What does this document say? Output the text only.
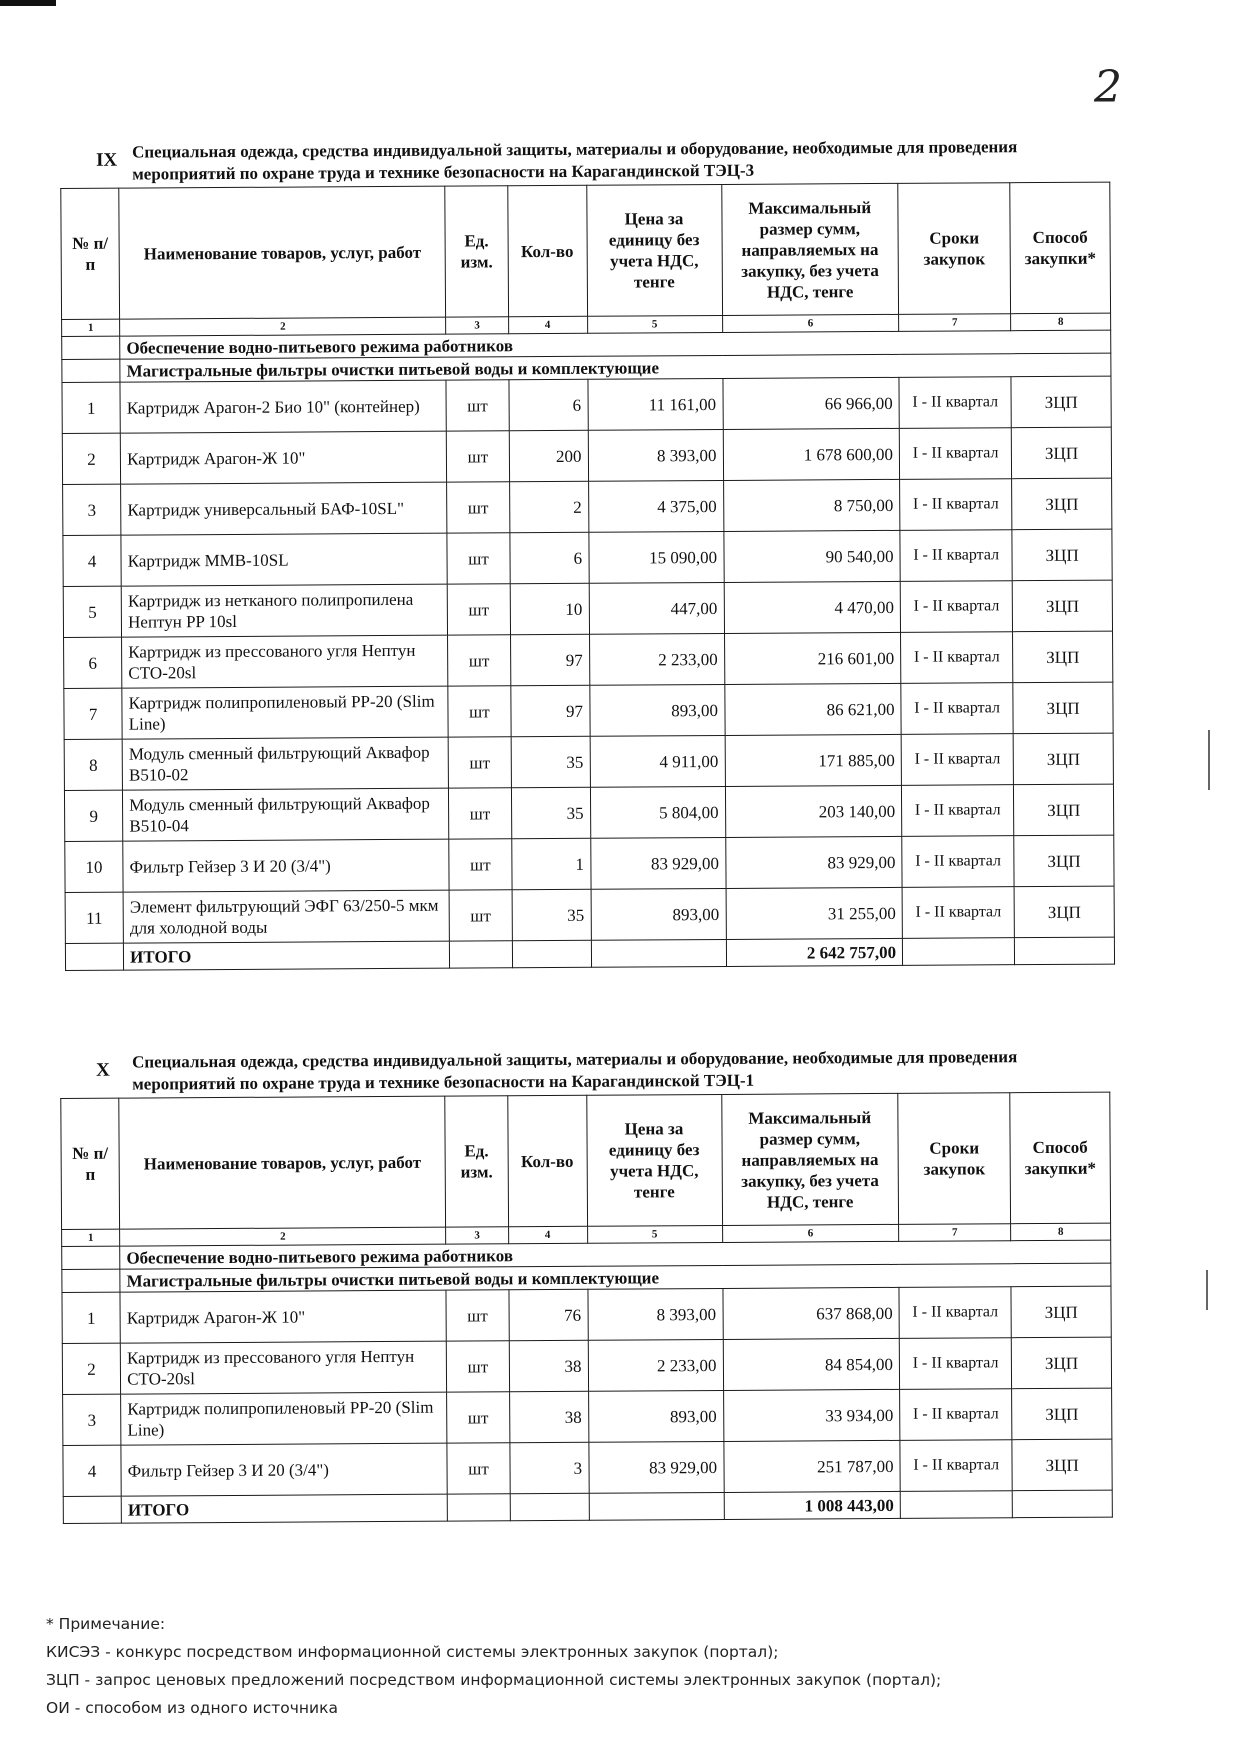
2
IX Специальная одежда, средства индивидуальной защиты, материалы и оборудование, необходимые для проведения мероприятий по охране труда и технике безопасности на Карагандинской ТЭЦ-3
№ п/п	Наименование товаров, услуг, работ	Ед. изм.	Кол-во	Цена за единицу без учета НДС, тенге	Максимальный размер сумм, направляемых на закупку, без учета НДС, тенге	Сроки закупок	Способ закупки*
1	2	3	4	5	6	7	8
	Обеспечение водно-питьевого режима работников						
	Магистральные фильтры очистки питьевой воды и комплектующие						
1	Картридж Арагон-2 Био 10" (контейнер)	шт	6	11 161,00	66 966,00	I - II квартал	ЗЦП
2	Картридж Арагон-Ж 10"	шт	200	8 393,00	1 678 600,00	I - II квартал	ЗЦП
3	Картридж универсальный БАФ-10SL"	шт	2	4 375,00	8 750,00	I - II квартал	ЗЦП
4	Картридж ММВ-10SL	шт	6	15 090,00	90 540,00	I - II квартал	ЗЦП
5	Картридж из нетканого полипропилена Нептун PP 10sl	шт	10	447,00	4 470,00	I - II квартал	ЗЦП
6	Картридж из прессованого угля Нептун СТО-20sl	шт	97	2 233,00	216 601,00	I - II квартал	ЗЦП
7	Картридж полипропиленовый PP-20 (Slim Line)	шт	97	893,00	86 621,00	I - II квартал	ЗЦП
8	Модуль сменный фильтрующий Аквафор B510-02	шт	35	4 911,00	171 885,00	I - II квартал	ЗЦП
9	Модуль сменный фильтрующий Аквафор B510-04	шт	35	5 804,00	203 140,00	I - II квартал	ЗЦП
10	Фильтр Гейзер 3 И 20 (3/4")	шт	1	83 929,00	83 929,00	I - II квартал	ЗЦП
11	Элемент фильтрующий ЭФГ 63/250-5 мкм для холодной воды	шт	35	893,00	31 255,00	I - II квартал	ЗЦП
	ИТОГО				2 642 757,00		
X Специальная одежда, средства индивидуальной защиты, материалы и оборудование, необходимые для проведения мероприятий по охране труда и технике безопасности на Карагандинской ТЭЦ-1
№ п/п	Наименование товаров, услуг, работ	Ед. изм.	Кол-во	Цена за единицу без учета НДС, тенге	Максимальный размер сумм, направляемых на закупку, без учета НДС, тенге	Сроки закупок	Способ закупки*
1	2	3	4	5	6	7	8
	Обеспечение водно-питьевого режима работников						
	Магистральные фильтры очистки питьевой воды и комплектующие						
1	Картридж Арагон-Ж 10"	шт	76	8 393,00	637 868,00	I - II квартал	ЗЦП
2	Картридж из прессованого угля Нептун СТО-20sl	шт	38	2 233,00	84 854,00	I - II квартал	ЗЦП
3	Картридж полипропиленовый PP-20 (Slim Line)	шт	38	893,00	33 934,00	I - II квартал	ЗЦП
4	Фильтр Гейзер 3 И 20 (3/4")	шт	3	83 929,00	251 787,00	I - II квартал	ЗЦП
	ИТОГО				1 008 443,00		
* Примечание:
КИСЭЗ - конкурс посредством информационной системы электронных закупок (портал);
ЗЦП - запрос ценовых предложений посредством информационной системы электронных закупок (портал);
ОИ - способом из одного источника
